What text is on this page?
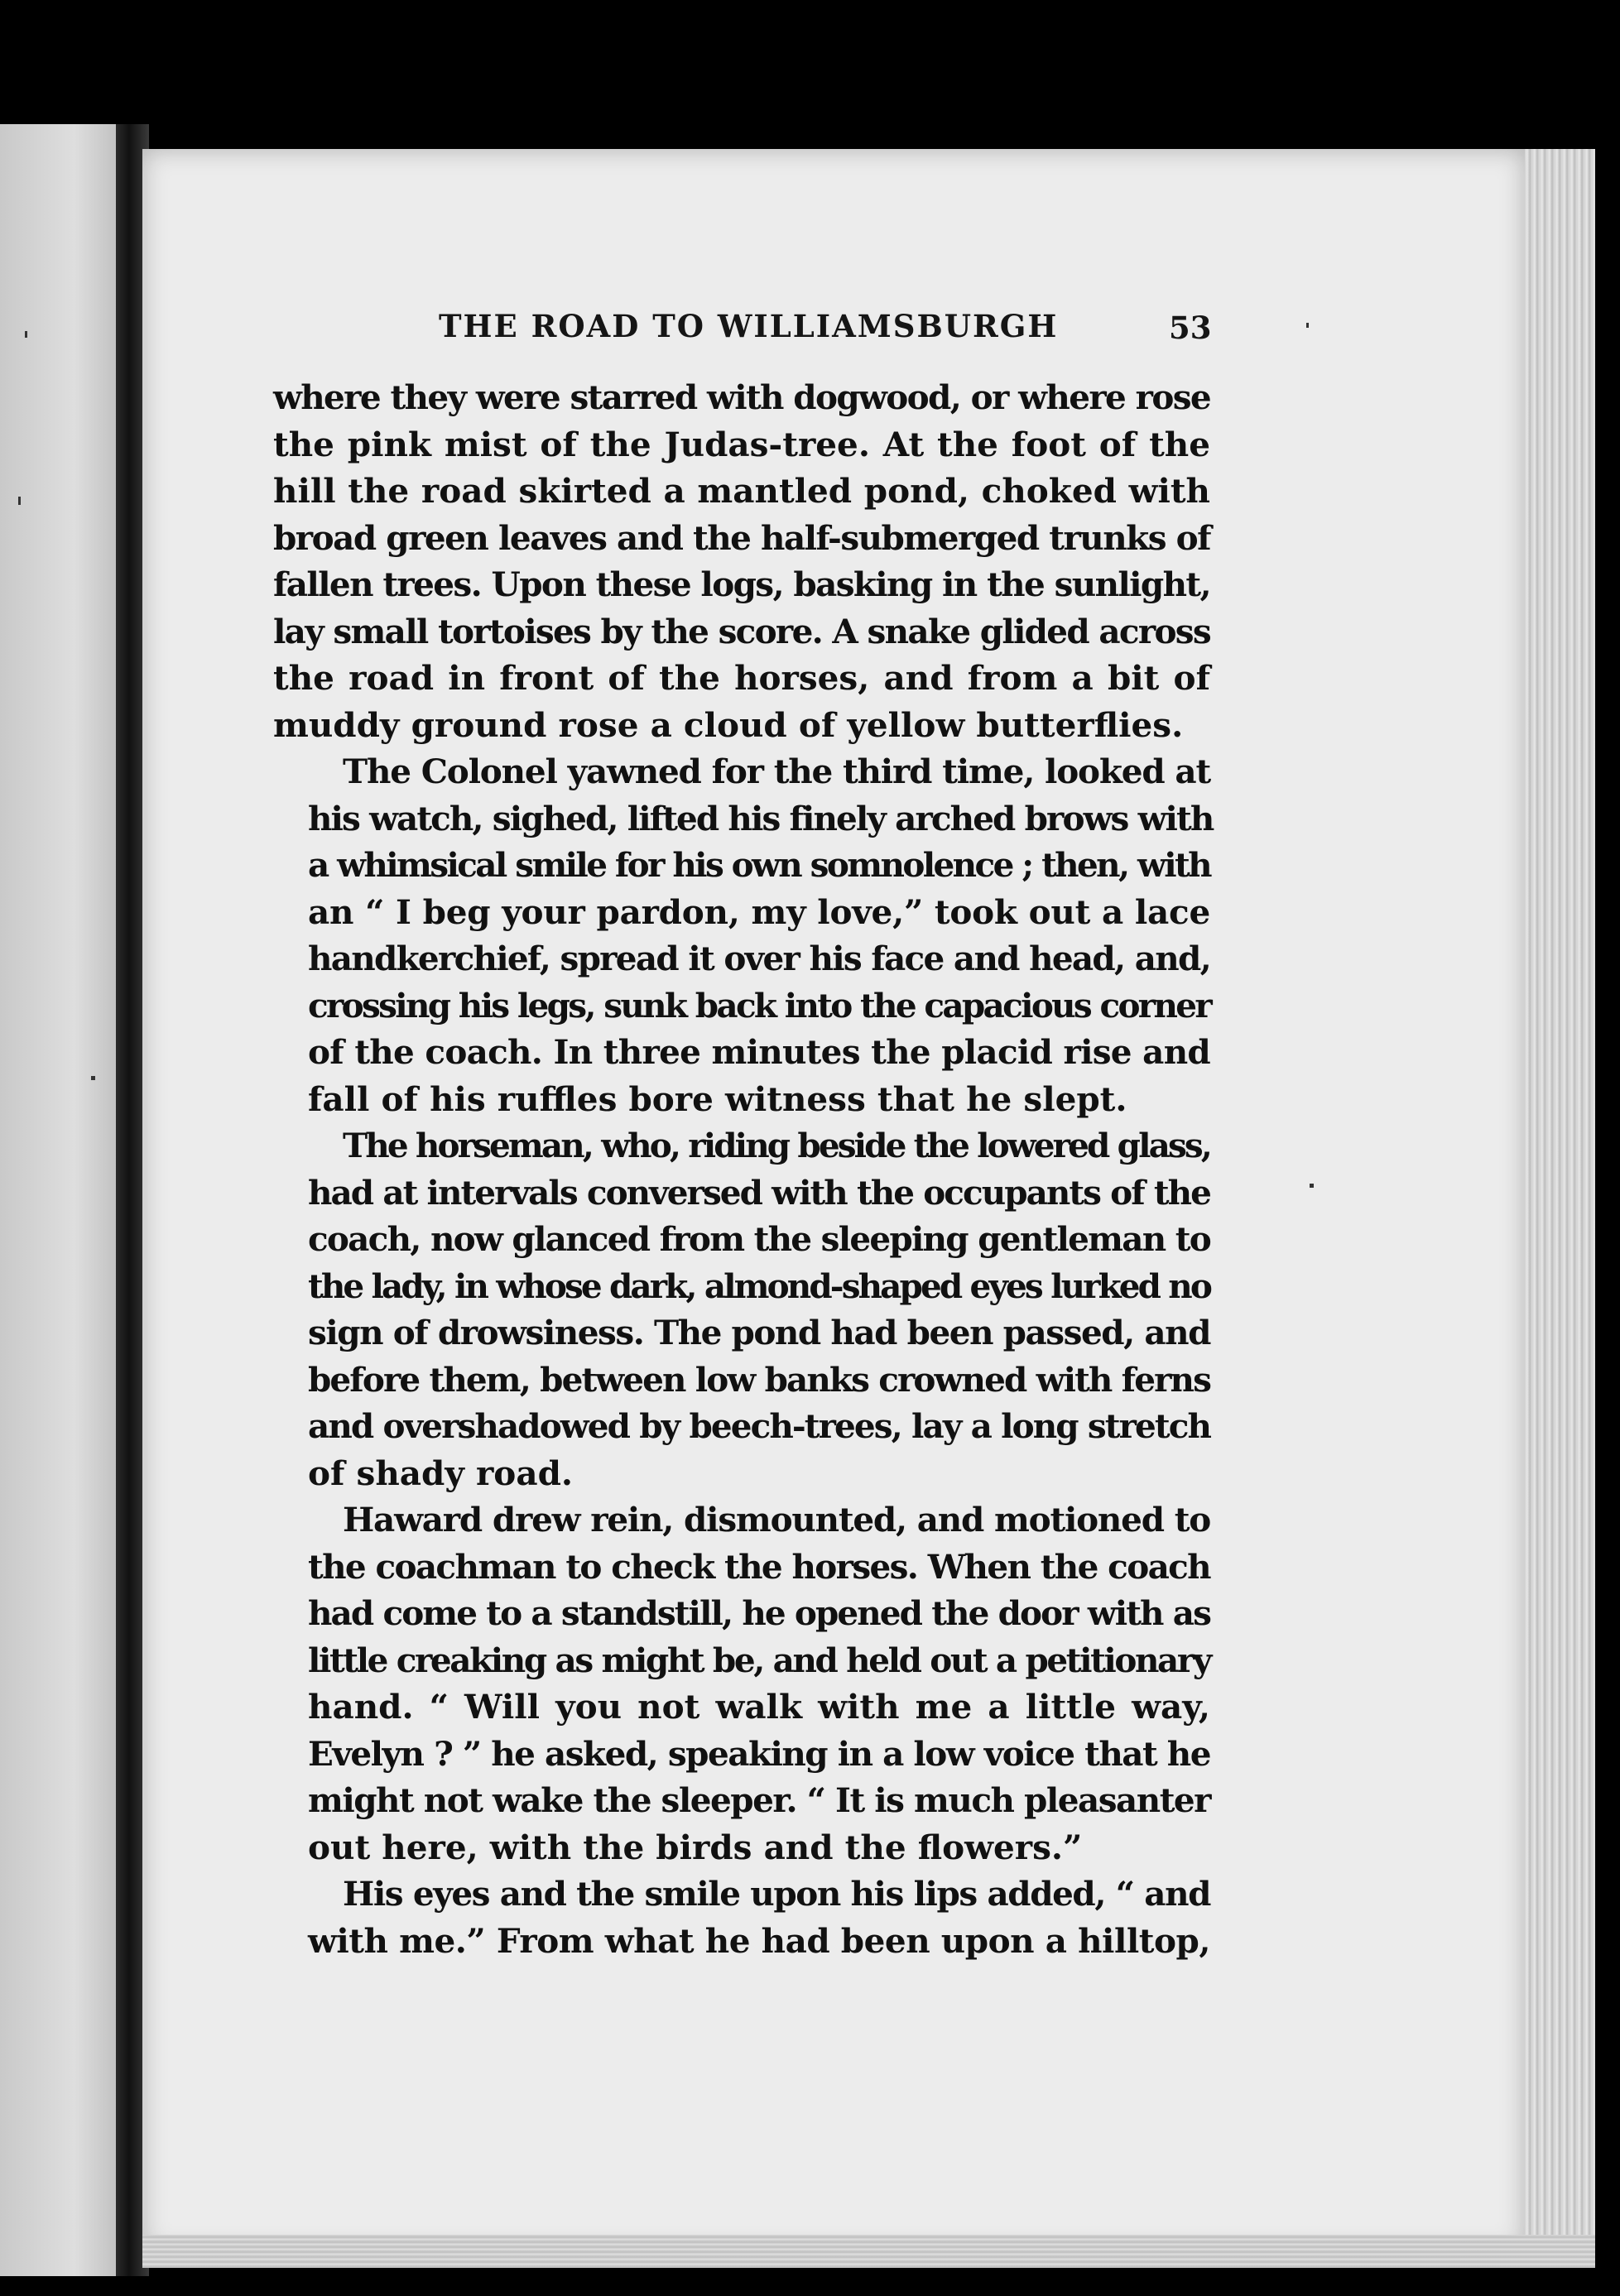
THE ROAD TO WILLIAMSBURGH	53

where they were starred with dogwood, or where rose
the pink mist of the Judas-tree. At the foot of the
hill the road skirted a mantled pond, choked with
broad green leaves and the half-submerged trunks of
fallen trees. Upon these logs, basking in the sunlight,
lay small tortoises by the score. A snake glided across
the road in front of the horses, and from a bit of
muddy ground rose a cloud of yellow butterflies.

The Colonel yawned for the third time, looked at
his watch, sighed, lifted his finely arched brows with
a whimsical smile for his own somnolence ; then, with
an “ I beg your pardon, my love,” took out a lace
handkerchief, spread it over his face and head, and,
crossing his legs, sunk back into the capacious corner
of the coach. In three minutes the placid rise and
fall of his ruffles bore witness that he slept.

The horseman, who, riding beside the lowered glass,
had at intervals conversed with the occupants of the
coach, now glanced from the sleeping gentleman to
the lady, in whose dark, almond-shaped eyes lurked no
sign of drowsiness. The pond had been passed, and
before them, between low banks crowned with ferns
and overshadowed by beech-trees, lay a long stretch
of shady road.

Haward drew rein, dismounted, and motioned to
the coachman to check the horses. When the coach
had come to a standstill, he opened the door with as
little creaking as might be, and held out a petitionary
hand. “ Will you not walk with me a little way,
Evelyn ? ” he asked, speaking in a low voice that he
might not wake the sleeper. “ It is much pleasanter
out here, with the birds and the flowers.”

His eyes and the smile upon his lips added, “ and
with me.” From what he had been upon a hilltop,
